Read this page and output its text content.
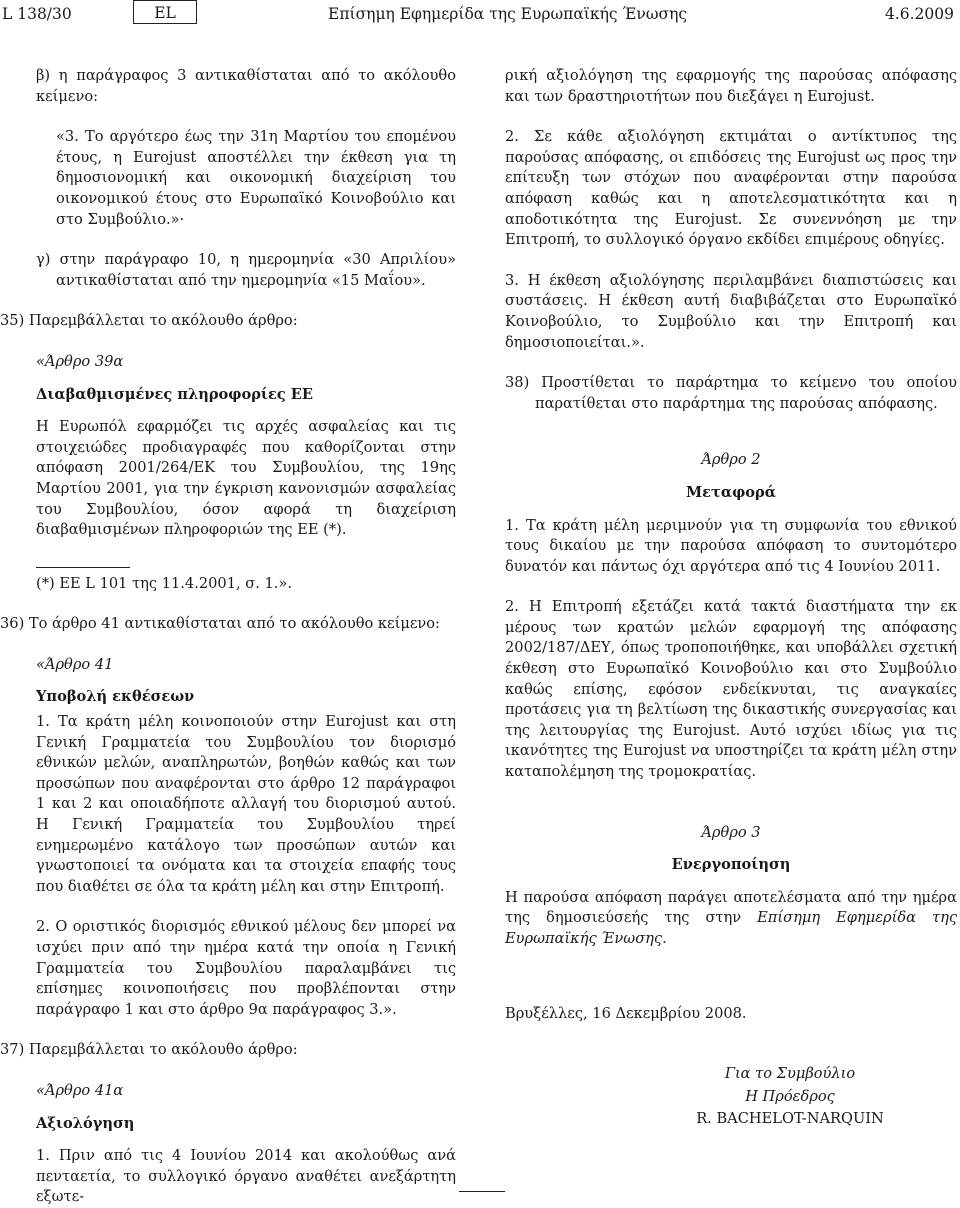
L 138/30	EL	Επίσημη Εφημερίδα της Ευρωπαϊκής Ένωσης	4.6.2009

β) η παράγραφος 3 αντικαθίσταται από το ακόλουθο κείμενο:

«3. Το αργότερο έως την 31η Μαρτίου του επομένου έτους, η Eurojust αποστέλλει την έκθεση για τη δημοσιονομική και οικονομική διαχείριση του οικονομικού έτους στο Ευρωπαϊκό Κοινοβούλιο και στο Συμβούλιο.»·

γ) στην παράγραφο 10, η ημερομηνία «30 Απριλίου» αντικαθίσταται από την ημερομηνία «15 Μαΐου».

35) Παρεμβάλλεται το ακόλουθο άρθρο:

«Άρθρο 39α

Διαβαθμισμένες πληροφορίες ΕΕ

Η Ευρωπόλ εφαρμόζει τις αρχές ασφαλείας και τις στοιχειώδες προδιαγραφές που καθορίζονται στην απόφαση 2001/264/ΕΚ του Συμβουλίου, της 19ης Μαρτίου 2001, για την έγκριση κανονισμών ασφαλείας του Συμβουλίου, όσον αφορά τη διαχείριση διαβαθμισμένων πληροφοριών της ΕΕ (*).

(*) ΕΕ L 101 της 11.4.2001, σ. 1.».

36) Το άρθρο 41 αντικαθίσταται από το ακόλουθο κείμενο:

«Άρθρο 41

Υποβολή εκθέσεων

1. Τα κράτη μέλη κοινοποιούν στην Eurojust και στη Γενική Γραμματεία του Συμβουλίου τον διορισμό εθνικών μελών, αναπληρωτών, βοηθών καθώς και των προσώπων που αναφέρονται στο άρθρο 12 παράγραφοι 1 και 2 και οποιαδήποτε αλλαγή του διορισμού αυτού. Η Γενική Γραμματεία του Συμβουλίου τηρεί ενημερωμένο κατάλογο των προσώπων αυτών και γνωστοποιεί τα ονόματα και τα στοιχεία επαφής τους που διαθέτει σε όλα τα κράτη μέλη και στην Επιτροπή.

2. Ο οριστικός διορισμός εθνικού μέλους δεν μπορεί να ισχύει πριν από την ημέρα κατά την οποία η Γενική Γραμματεία του Συμβουλίου παραλαμβάνει τις επίσημες κοινοποιήσεις που προβλέπονται στην παράγραφο 1 και στο άρθρο 9α παράγραφος 3.».

37) Παρεμβάλλεται το ακόλουθο άρθρο:

«Άρθρο 41α

Αξιολόγηση

1. Πριν από τις 4 Ιουνίου 2014 και ακολούθως ανά πενταετία, το συλλογικό όργανο αναθέτει ανεξάρτητη εξωτε-

ρική αξιολόγηση της εφαρμογής της παρούσας απόφασης και των δραστηριοτήτων που διεξάγει η Eurojust.

2. Σε κάθε αξιολόγηση εκτιμάται ο αντίκτυπος της παρούσας απόφασης, οι επιδόσεις της Eurojust ως προς την επίτευξη των στόχων που αναφέρονται στην παρούσα απόφαση καθώς και η αποτελεσματικότητα και η αποδοτικότητα της Eurojust. Σε συνεννόηση με την Επιτροπή, το συλλογικό όργανο εκδίδει επιμέρους οδηγίες.

3. Η έκθεση αξιολόγησης περιλαμβάνει διαπιστώσεις και συστάσεις. Η έκθεση αυτή διαβιβάζεται στο Ευρωπαϊκό Κοινοβούλιο, το Συμβούλιο και την Επιτροπή και δημοσιοποιείται.».

38) Προστίθεται το παράρτημα το κείμενο του οποίου παρατίθεται στο παράρτημα της παρούσας απόφασης.

Άρθρο 2

Μεταφορά

1. Τα κράτη μέλη μεριμνούν για τη συμφωνία του εθνικού τους δικαίου με την παρούσα απόφαση το συντομότερο δυνατόν και πάντως όχι αργότερα από τις 4 Ιουνίου 2011.

2. Η Επιτροπή εξετάζει κατά τακτά διαστήματα την εκ μέρους των κρατών μελών εφαρμογή της απόφασης 2002/187/ΔΕΥ, όπως τροποποιήθηκε, και υποβάλλει σχετική έκθεση στο Ευρωπαϊκό Κοινοβούλιο και στο Συμβούλιο καθώς επίσης, εφόσον ενδείκνυται, τις αναγκαίες προτάσεις για τη βελτίωση της δικαστικής συνεργασίας και της λειτουργίας της Eurojust. Αυτό ισχύει ιδίως για τις ικανότητες της Eurojust να υποστηρίζει τα κράτη μέλη στην καταπολέμηση της τρομοκρατίας.

Άρθρο 3

Ενεργοποίηση

Η παρούσα απόφαση παράγει αποτελέσματα από την ημέρα της δημοσιεύσεής της στην Επίσημη Εφημερίδα της Ευρωπαϊκής Ένωσης.

Βρυξέλλες, 16 Δεκεμβρίου 2008.

Για το Συμβούλιο

Η Πρόεδρος

R. BACHELOT-NARQUIN
